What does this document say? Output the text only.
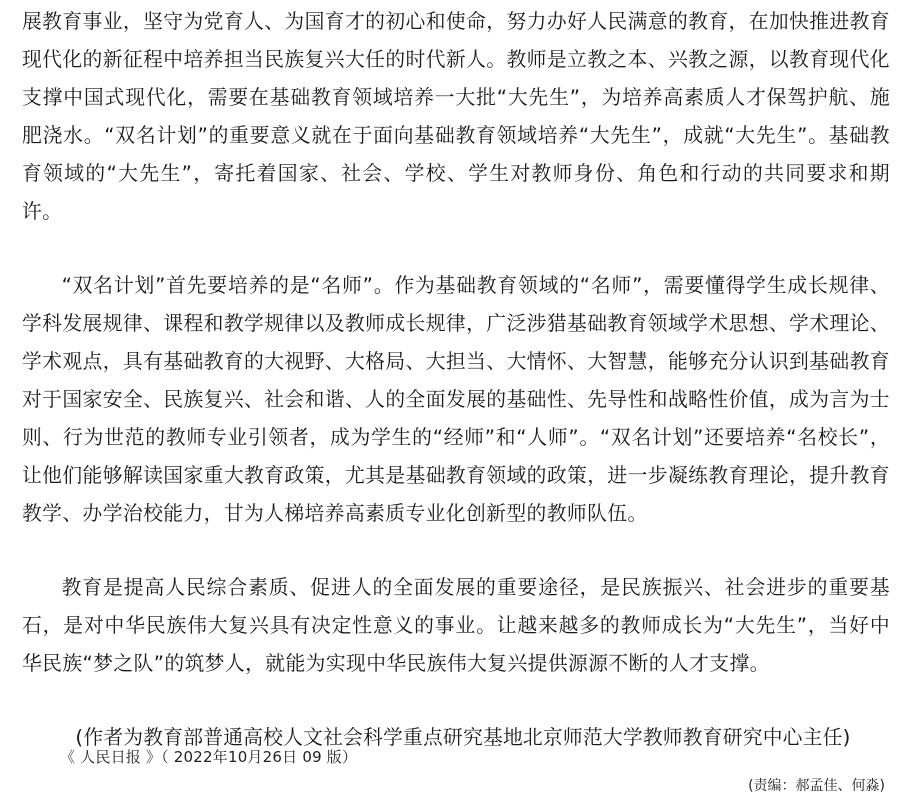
展教育事业，坚守为党育人、为国育才的初心和使命，努力办好人民满意的教育，在加快推进教育现代化的新征程中培养担当民族复兴大任的时代新人。教师是立教之本、兴教之源，以教育现代化支撑中国式现代化，需要在基础教育领域培养一大批“大先生”，为培养高素质人才保驾护航、施肥浇水。“双名计划”的重要意义就在于面向基础教育领域培养“大先生”，成就“大先生”。基础教育领域的“大先生”，寄托着国家、社会、学校、学生对教师身份、角色和行动的共同要求和期许。

“双名计划”首先要培养的是“名师”。作为基础教育领域的“名师”，需要懂得学生成长规律、学科发展规律、课程和教学规律以及教师成长规律，广泛涉猎基础教育领域学术思想、学术理论、学术观点，具有基础教育的大视野、大格局、大担当、大情怀、大智慧，能够充分认识到基础教育对于国家安全、民族复兴、社会和谐、人的全面发展的基础性、先导性和战略性价值，成为言为士则、行为世范的教师专业引领者，成为学生的“经师”和“人师”。“双名计划”还要培养“名校长”，让他们能够解读国家重大教育政策，尤其是基础教育领域的政策，进一步凝练教育理论，提升教育教学、办学治校能力，甘为人梯培养高素质专业化创新型的教师队伍。

教育是提高人民综合素质、促进人的全面发展的重要途径，是民族振兴、社会进步的重要基石，是对中华民族伟大复兴具有决定性意义的事业。让越来越多的教师成长为“大先生”，当好中华民族“梦之队”的筑梦人，就能为实现中华民族伟大复兴提供源源不断的人才支撑。

(作者为教育部普通高校人文社会科学重点研究基地北京师范大学教师教育研究中心主任)

《 人民日报 》（ 2022年10月26日 09 版）
(责编：郝孟佳、何淼)
